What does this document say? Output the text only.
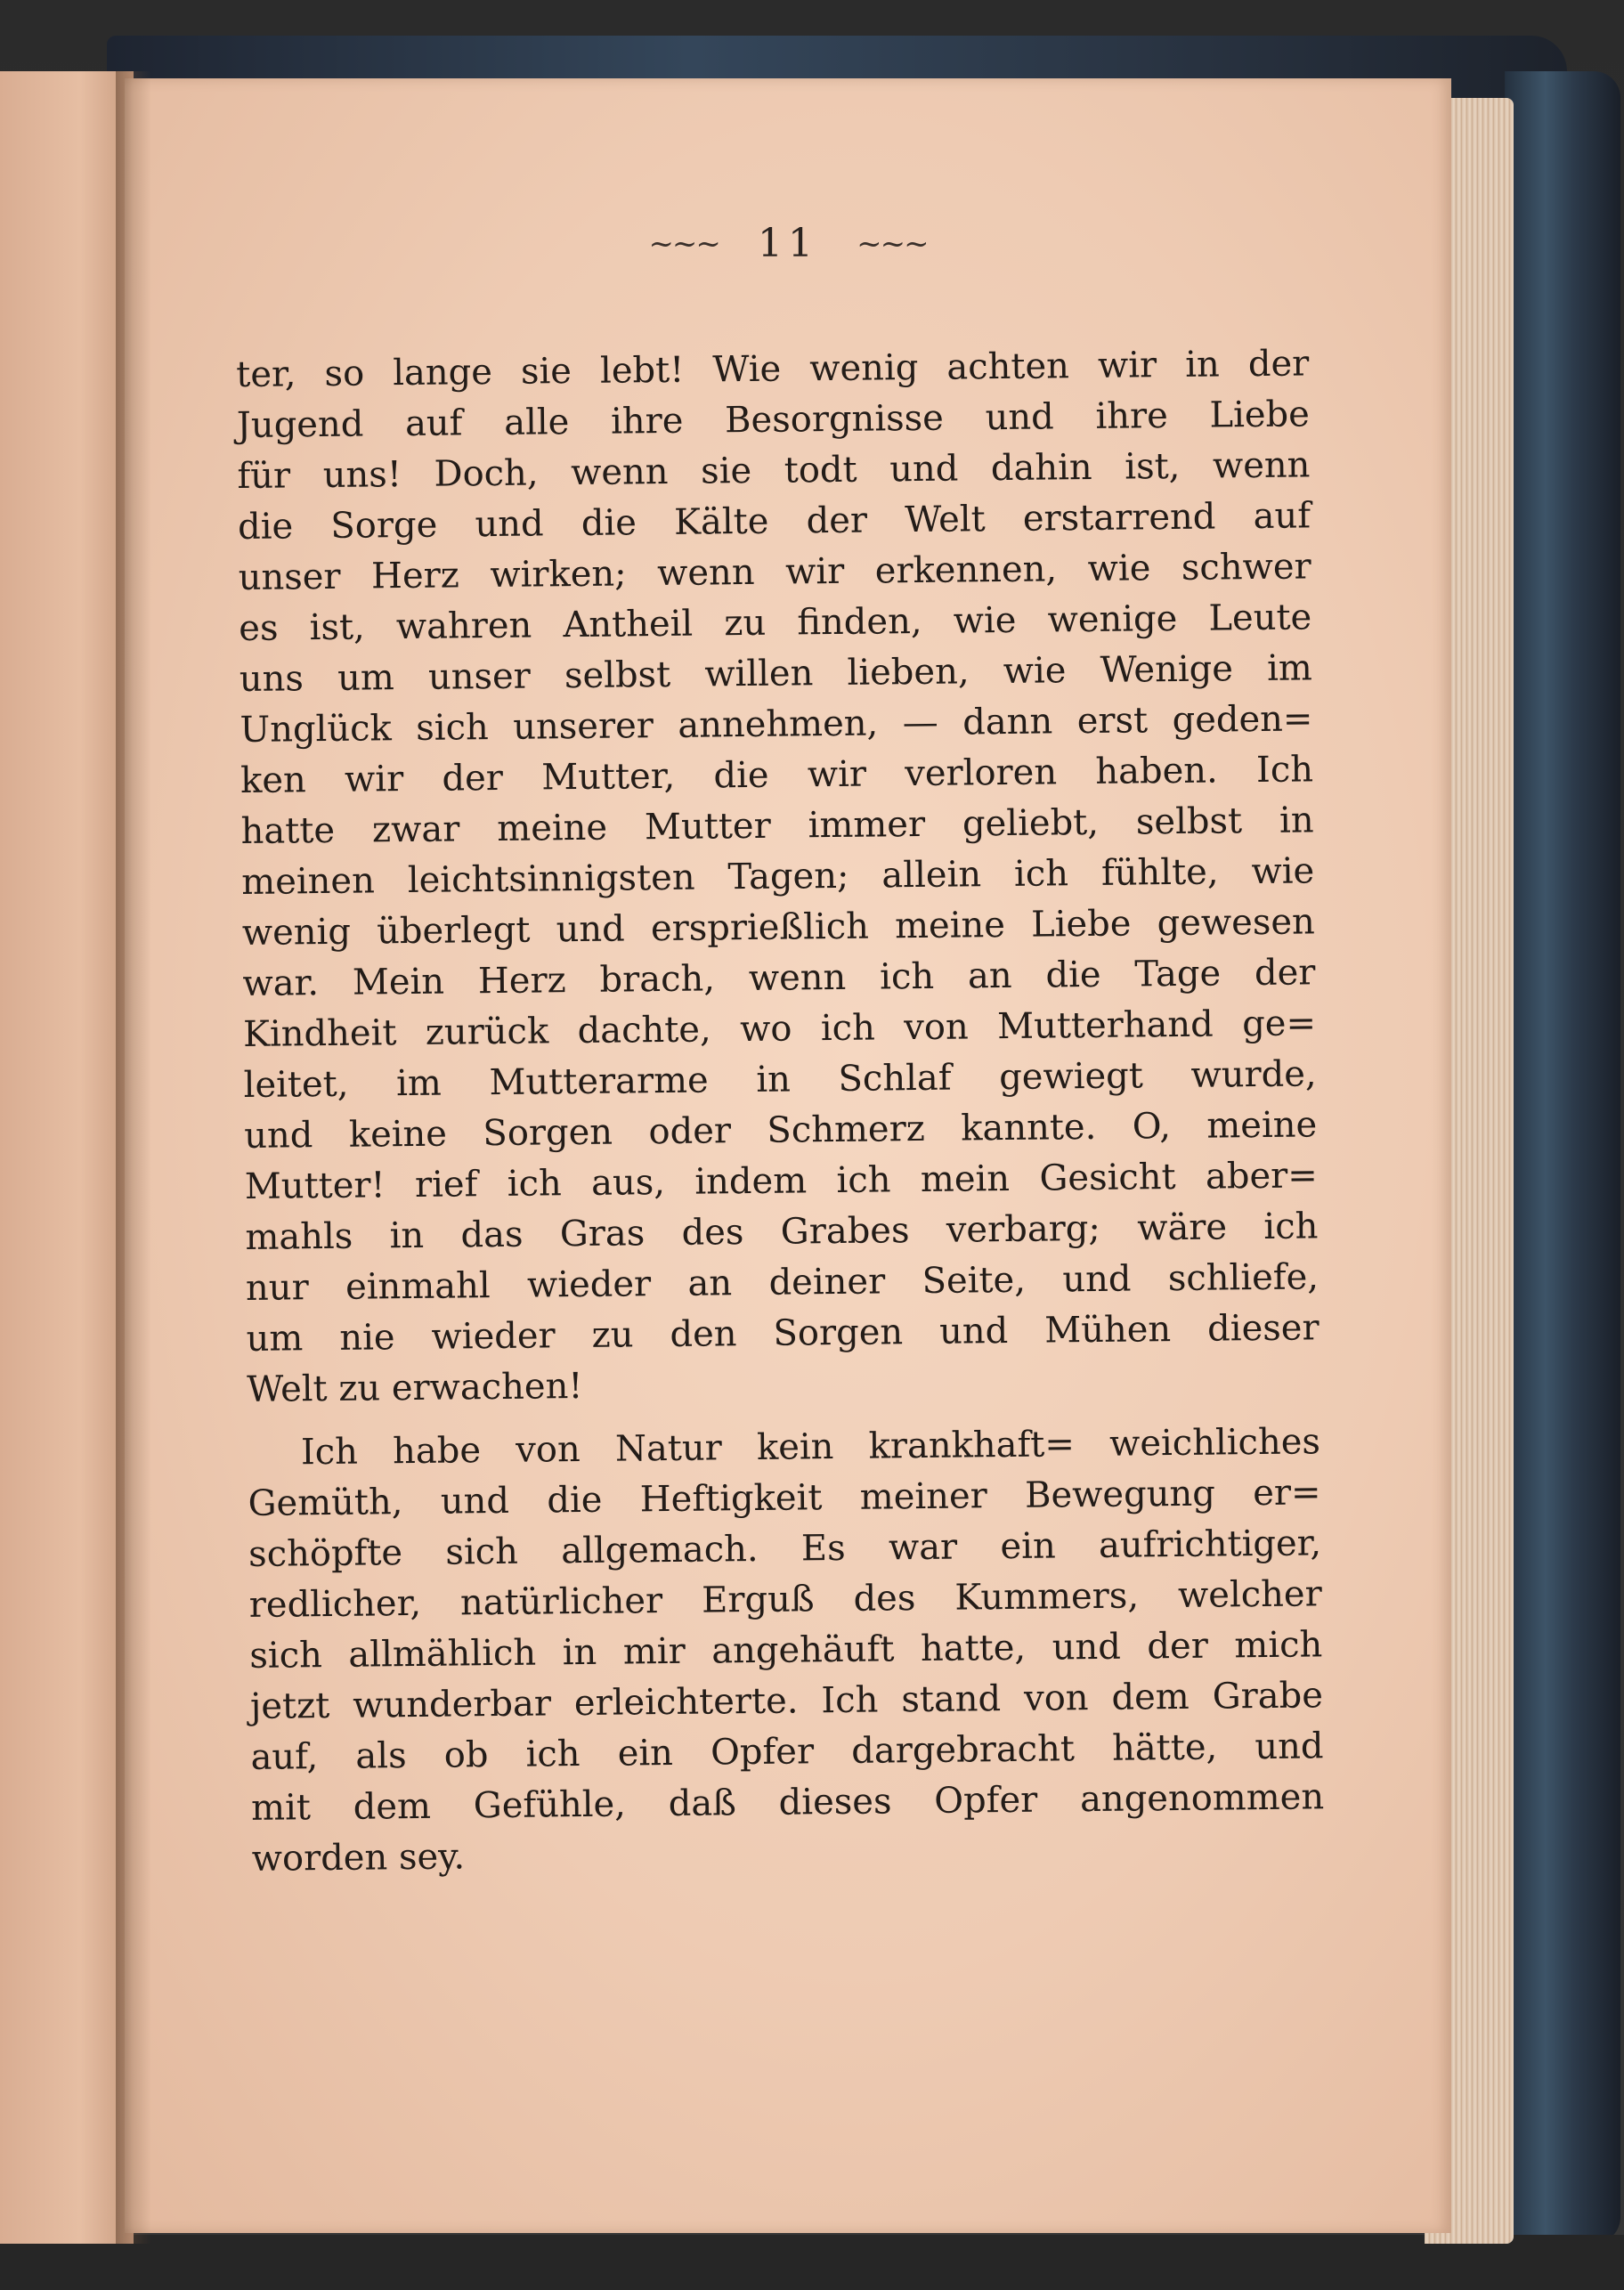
~~~ 11 ~~~

ter, so lange sie lebt! Wie wenig achten wir in der

Jugend auf alle ihre Besorgnisse und ihre Liebe

für uns! Doch, wenn sie todt und dahin ist, wenn

die Sorge und die Kälte der Welt erstarrend auf

unser Herz wirken; wenn wir erkennen, wie schwer

es ist, wahren Antheil zu finden, wie wenige Leute

uns um unser selbst willen lieben, wie Wenige im

Unglück sich unserer annehmen, — dann erst geden=

ken wir der Mutter, die wir verloren haben. Ich

hatte zwar meine Mutter immer geliebt, selbst in

meinen leichtsinnigsten Tagen; allein ich fühlte, wie

wenig überlegt und ersprießlich meine Liebe gewesen

war. Mein Herz brach, wenn ich an die Tage der

Kindheit zurück dachte, wo ich von Mutterhand ge=

leitet, im Mutterarme in Schlaf gewiegt wurde,

und keine Sorgen oder Schmerz kannte. O, meine

Mutter! rief ich aus, indem ich mein Gesicht aber=

mahls in das Gras des Grabes verbarg; wäre ich

nur einmahl wieder an deiner Seite, und schliefe,

um nie wieder zu den Sorgen und Mühen dieser

Welt zu erwachen!

Ich habe von Natur kein krankhaft= weichliches

Gemüth, und die Heftigkeit meiner Bewegung er=

schöpfte sich allgemach. Es war ein aufrichtiger,

redlicher, natürlicher Erguß des Kummers, welcher

sich allmählich in mir angehäuft hatte, und der mich

jetzt wunderbar erleichterte. Ich stand von dem Grabe

auf, als ob ich ein Opfer dargebracht hätte, und

mit dem Gefühle, daß dieses Opfer angenommen

worden sey.
